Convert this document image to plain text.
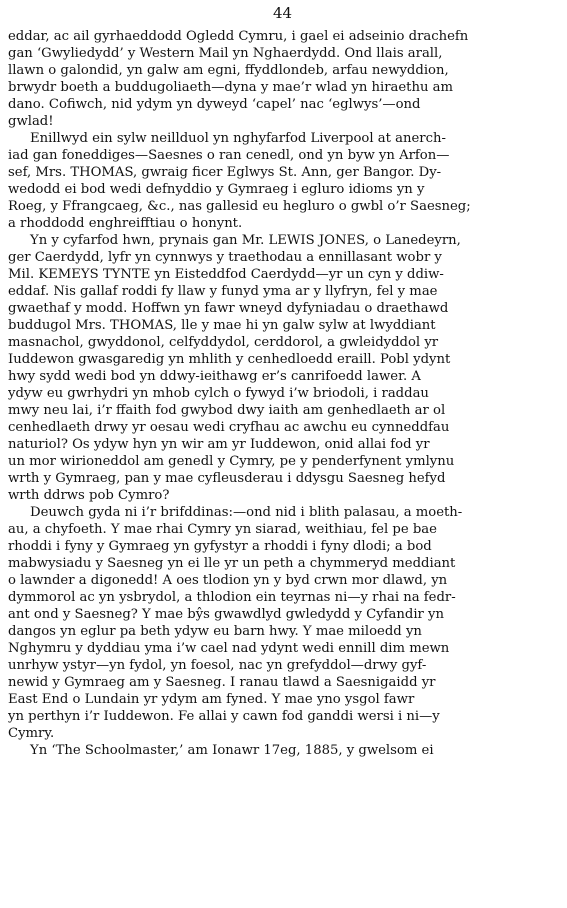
44
eddar, ac ail gyrhaeddodd Ogledd Cymru, i gael ei adseinio drachefn
gan ‘Gwyliedydd’ y Western Mail yn Nghaerdydd. Ond llais arall,
llawn o galondid, yn galw am egni, ffyddlondeb, arfau newyddion,
brwydr boeth a buddugoliaeth—dyna y mae’r wlad yn hiraethu am
dano. Cofiwch, nid ydym yn dyweyd ‘capel’ nac ‘eglwys’—ond
gwlad!
Enillwyd ein sylw neillduol yn nghyfarfod Liverpool at anerch-
iad gan foneddiges—Saesnes o ran cenedl, ond yn byw yn Arfon—
sef, Mrs. THOMAS, gwraig ficer Eglwys St. Ann, ger Bangor. Dy-
wedodd ei bod wedi defnyddio y Gymraeg i egluro idioms yn y
Roeg, y Ffrangcaeg, &c., nas gallesid eu hegluro o gwbl o’r Saesneg;
a rhoddodd enghreifftiau o honynt.
Yn y cyfarfod hwn, prynais gan Mr. LEWIS JONES, o Lanedeyrn,
ger Caerdydd, lyfr yn cynnwys y traethodau a ennillasant wobr y
Mil. KEMEYS TYNTE yn Eisteddfod Caerdydd—yr un cyn y ddiw-
eddaf. Nis gallaf roddi fy llaw y funyd yma ar y llyfryn, fel y mae
gwaethaf y modd. Hoffwn yn fawr wneyd dyfyniadau o draethawd
buddugol Mrs. THOMAS, lle y mae hi yn galw sylw at lwyddiant
masnachol, gwyddonol, celfyddydol, cerddorol, a gwleidyddol yr
Iuddewon gwasgaredig yn mhlith y cenhedloedd eraill. Pobl ydynt
hwy sydd wedi bod yn ddwy-ieithawg er’s canrifoedd lawer. A
ydyw eu gwrhydri yn mhob cylch o fywyd i’w briodoli, i raddau
mwy neu lai, i’r ffaith fod gwybod dwy iaith am genhedlaeth ar ol
cenhedlaeth drwy yr oesau wedi cryfhau ac awchu eu cynneddfau
naturiol? Os ydyw hyn yn wir am yr Iuddewon, onid allai fod yr
un mor wirioneddol am genedl y Cymry, pe y penderfynent ymlynu
wrth y Gymraeg, pan y mae cyfleusderau i ddysgu Saesneg hefyd
wrth ddrws pob Cymro?
Deuwch gyda ni i’r brifddinas:—ond nid i blith palasau, a moeth-
au, a chyfoeth. Y mae rhai Cymry yn siarad, weithiau, fel pe bae
rhoddi i fyny y Gymraeg yn gyfystyr a rhoddi i fyny dlodi; a bod
mabwysiadu y Saesneg yn ei lle yr un peth a chymmeryd meddiant
o lawnder a digonedd! A oes tlodion yn y byd crwn mor dlawd, yn
dymmorol ac yn ysbrydol, a thlodion ein teyrnas ni—y rhai na fedr-
ant ond y Saesneg? Y mae bŷs gwawdlyd gwledydd y Cyfandir yn
dangos yn eglur pa beth ydyw eu barn hwy. Y mae miloedd yn
Nghymru y dyddiau yma i’w cael nad ydynt wedi ennill dim mewn
unrhyw ystyr—yn fydol, yn foesol, nac yn grefyddol—drwy gyf-
newid y Gymraeg am y Saesneg. I ranau tlawd a Saesnigaidd yr
East End o Lundain yr ydym am fyned. Y mae yno ysgol fawr
yn perthyn i’r Iuddewon. Fe allai y cawn fod ganddi wersi i ni—y
Cymry.
Yn ‘The Schoolmaster,’ am Ionawr 17eg, 1885, y gwelsom ei
